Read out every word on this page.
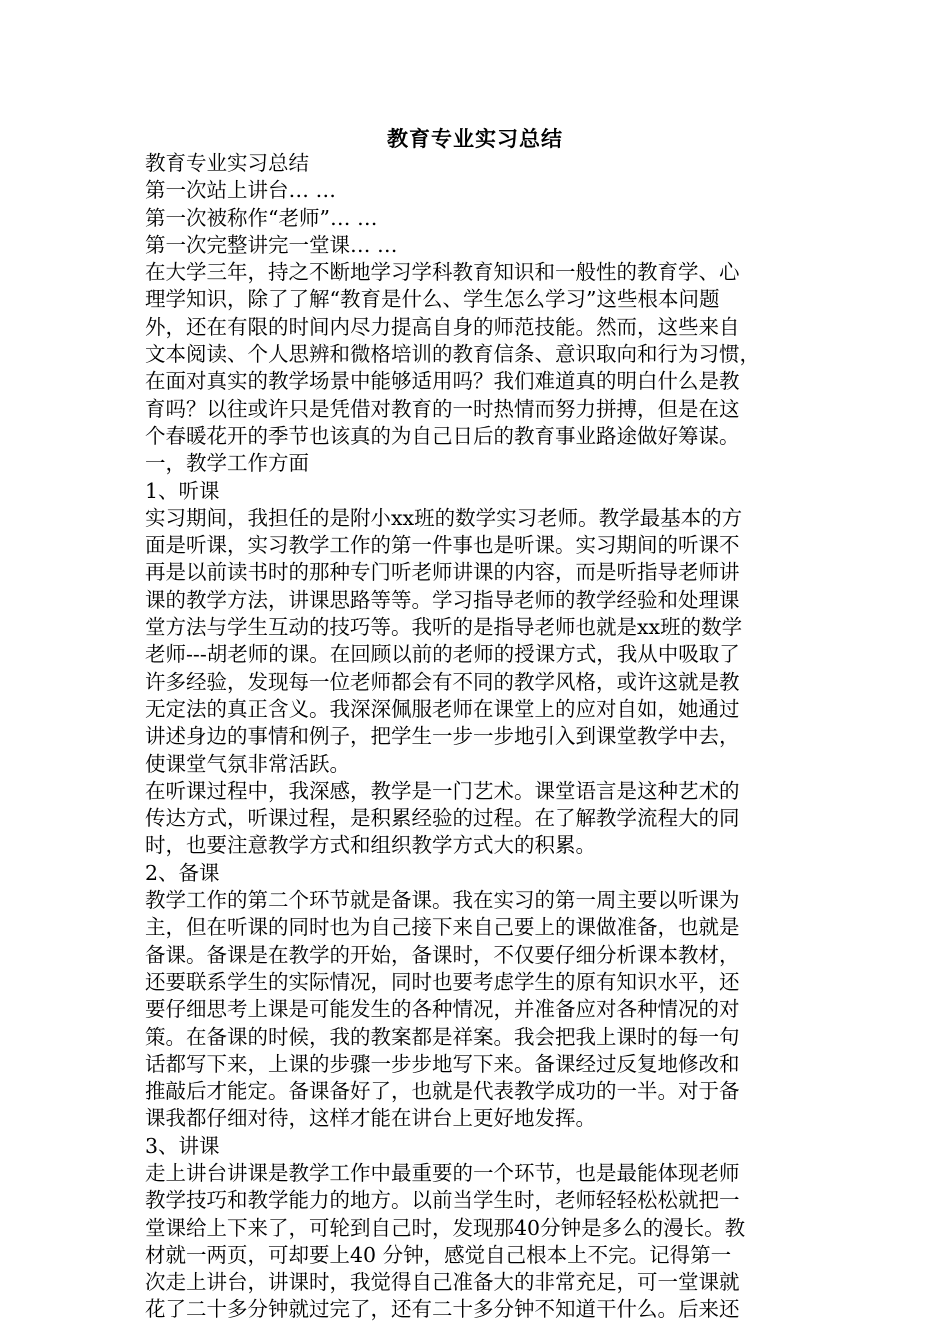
教育专业实习总结
教育专业实习总结
第一次站上讲台… …
第一次被称作“老师”… …
第一次完整讲完一堂课… …
在大学三年，持之不断地学习学科教育知识和一般性的教育学、心
理学知识，除了了解“教育是什么、学生怎么学习”这些根本问题
外，还在有限的时间内尽力提高自身的师范技能。然而，这些来自
文本阅读、个人思辨和微格培训的教育信条、意识取向和行为习惯，
在面对真实的教学场景中能够适用吗？我们难道真的明白什么是教
育吗？以往或许只是凭借对教育的一时热情而努力拼搏，但是在这
个春暖花开的季节也该真的为自己日后的教育事业路途做好筹谋。
一，教学工作方面
1、听课
实习期间，我担任的是附小xx班的数学实习老师。教学最基本的方
面是听课，实习教学工作的第一件事也是听课。实习期间的听课不
再是以前读书时的那种专门听老师讲课的内容，而是听指导老师讲
课的教学方法，讲课思路等等。学习指导老师的教学经验和处理课
堂方法与学生互动的技巧等。我听的是指导老师也就是xx班的数学
老师---胡老师的课。在回顾以前的老师的授课方式，我从中吸取了
许多经验，发现每一位老师都会有不同的教学风格，或许这就是教
无定法的真正含义。我深深佩服老师在课堂上的应对自如，她通过
讲述身边的事情和例子，把学生一步一步地引入到课堂教学中去，
使课堂气氛非常活跃。
在听课过程中，我深感，教学是一门艺术。课堂语言是这种艺术的
传达方式，听课过程，是积累经验的过程。在了解教学流程大的同
时，也要注意教学方式和组织教学方式大的积累。
2、备课
教学工作的第二个环节就是备课。我在实习的第一周主要以听课为
主，但在听课的同时也为自己接下来自己要上的课做准备，也就是
备课。备课是在教学的开始，备课时，不仅要仔细分析课本教材，
还要联系学生的实际情况，同时也要考虑学生的原有知识水平，还
要仔细思考上课是可能发生的各种情况，并准备应对各种情况的对
策。在备课的时候，我的教案都是祥案。我会把我上课时的每一句
话都写下来，上课的步骤一步步地写下来。备课经过反复地修改和
推敲后才能定。备课备好了，也就是代表教学成功的一半。对于备
课我都仔细对待，这样才能在讲台上更好地发挥。
3、讲课
走上讲台讲课是教学工作中最重要的一个环节，也是最能体现老师
教学技巧和教学能力的地方。以前当学生时，老师轻轻松松就把一
堂课给上下来了，可轮到自己时，发现那40分钟是多么的漫长。教
材就一两页，可却要上40 分钟，感觉自己根本上不完。记得第一
次走上讲台，讲课时，我觉得自己准备大的非常充足，可一堂课就
花了二十多分钟就过完了，还有二十多分钟不知道干什么。后来还
